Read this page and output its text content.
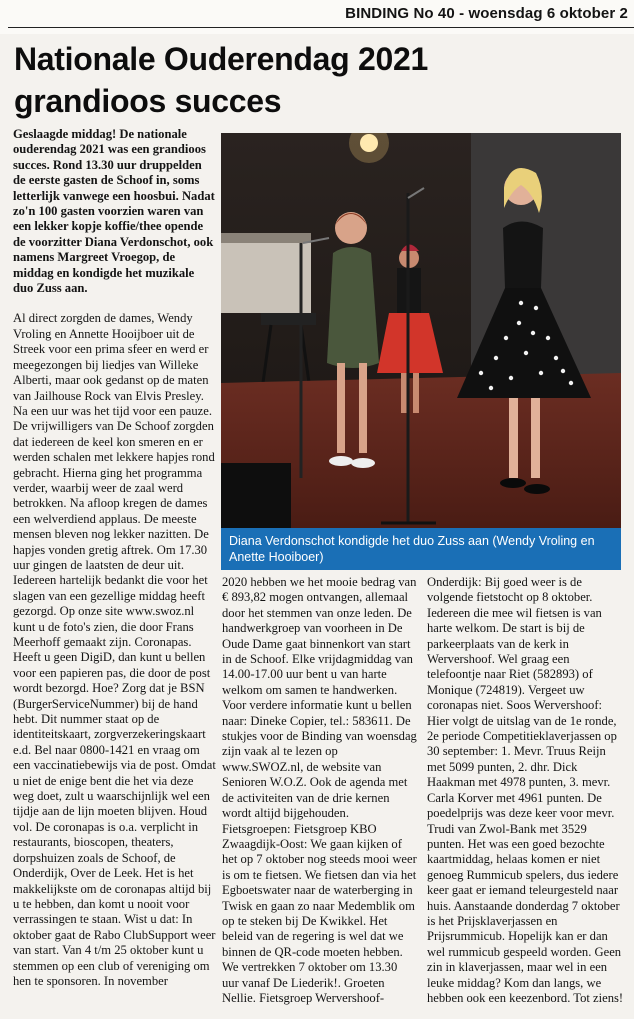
BINDING No 40 - woensdag 6 oktober 2
Nationale Ouderendag 2021
grandioos succes

Geslaagde middag! De nationale ouderendag 2021 was een grandioos succes. Rond 13.30 uur druppelden de eerste gasten de Schoof in, soms letterlijk vanwege een hoosbui. Nadat zo'n 100 gasten voorzien waren van een lekker kopje koffie/thee opende de voorzitter Diana Verdonschot, ook namens Margreet Vroegop, de middag en kondigde het muzikale duo Zuss aan.

Al direct zorgden de dames, Wendy Vroling en Annette Hooijboer uit de Streek voor een prima sfeer en werd er meegezongen bij liedjes van Willeke Alberti, maar ook gedanst op de maten van Jailhouse Rock van Elvis Presley. Na een uur was het tijd voor een pauze. De vrijwilligers van De Schoof zorgden dat iedereen de keel kon smeren en er werden schalen met lekkere hapjes rond gebracht. Hierna ging het programma verder, waarbij weer de zaal werd betrokken. Na afloop kregen de dames een welverdiend applaus. De meeste mensen bleven nog lekker nazitten. De hapjes vonden gretig aftrek. Om 17.30 uur gingen de laatsten de deur uit. Iedereen hartelijk bedankt die voor het slagen van een gezellige middag heeft gezorgd. Op onze site www.swoz.nl kunt u de foto's zien, die door Frans Meerhoff gemaakt zijn. Coronapas. Heeft u geen DigiD, dan kunt u bellen voor een papieren pas, die door de post wordt bezorgd. Hoe? Zorg dat je BSN (BurgerServiceNummer) bij de hand hebt. Dit nummer staat op de identiteitskaart, zorgverzekeringskaart e.d. Bel naar 0800-1421 en vraag om een vaccinatiebewijs via de post. Omdat u niet de enige bent die het via deze weg doet, zult u waarschijnlijk wel een tijdje aan de lijn moeten blijven. Houd vol. De coronapas is o.a. verplicht in restaurants, bioscopen, theaters, dorpshuizen zoals de Schoof, de Onderdijk, Over de Leek. Het is het makkelijkste om de coronapas altijd bij u te hebben, dan komt u nooit voor verrassingen te staan. Wist u dat: In oktober gaat de Rabo ClubSupport weer van start. Van 4 t/m 25 oktober kunt u stemmen op een club of vereniging om hen te sponsoren. In november

Diana Verdonschot kondigde het duo Zuss aan (Wendy Vroling en Anette Hooiboer)

2020 hebben we het mooie bedrag van € 893,82 mogen ontvangen, allemaal door het stemmen van onze leden. De handwerkgroep van voorheen in De Oude Dame gaat binnenkort van start in de Schoof. Elke vrijdagmiddag van 14.00-17.00 uur bent u van harte welkom om samen te handwerken. Voor verdere informatie kunt u bellen naar: Dineke Copier, tel.: 583611. De stukjes voor de Binding van woensdag zijn vaak al te lezen op www.SWOZ.nl, de website van Senioren W.O.Z. Ook de agenda met de activiteiten van de drie kernen wordt altijd bijgehouden. Fietsgroepen: Fietsgroep KBO Zwaagdijk-Oost: We gaan kijken of het op 7 oktober nog steeds mooi weer is om te fietsen. We fietsen dan via het Egboetswater naar de waterberging in Twisk en gaan zo naar Medemblik om op te steken bij De Kwikkel. Het beleid van de regering is wel dat we binnen de QR-code moeten hebben. We vertrekken 7 oktober om 13.30 uur vanaf De Liederik!. Groeten Nellie. Fietsgroep Wervershoof-

Onderdijk: Bij goed weer is de volgende fietstocht op 8 oktober. Iedereen die mee wil fietsen is van harte welkom. De start is bij de parkeerplaats van de kerk in Wervershoof. Wel graag een telefoontje naar Riet (582893) of Monique (724819). Vergeet uw coronapas niet. Soos Wervershoof: Hier volgt de uitslag van de 1e ronde, 2e periode Competitieklaverjassen op 30 september: 1. Mevr. Truus Reijn met 5099 punten, 2. dhr. Dick Haakman met 4978 punten, 3. mevr. Carla Korver met 4961 punten. De poedelprijs was deze keer voor mevr. Trudi van Zwol-Bank met 3529 punten. Het was een goed bezochte kaartmiddag, helaas komen er niet genoeg Rummicub spelers, dus iedere keer gaat er iemand teleurgesteld naar huis. Aanstaande donderdag 7 oktober is het Prijsklaverjassen en Prijsrummicub. Hopelijk kan er dan wel rummicub gespeeld worden. Geen zin in klaverjassen, maar wel in een leuke middag? Kom dan langs, we hebben ook een keezenbord. Tot ziens!
